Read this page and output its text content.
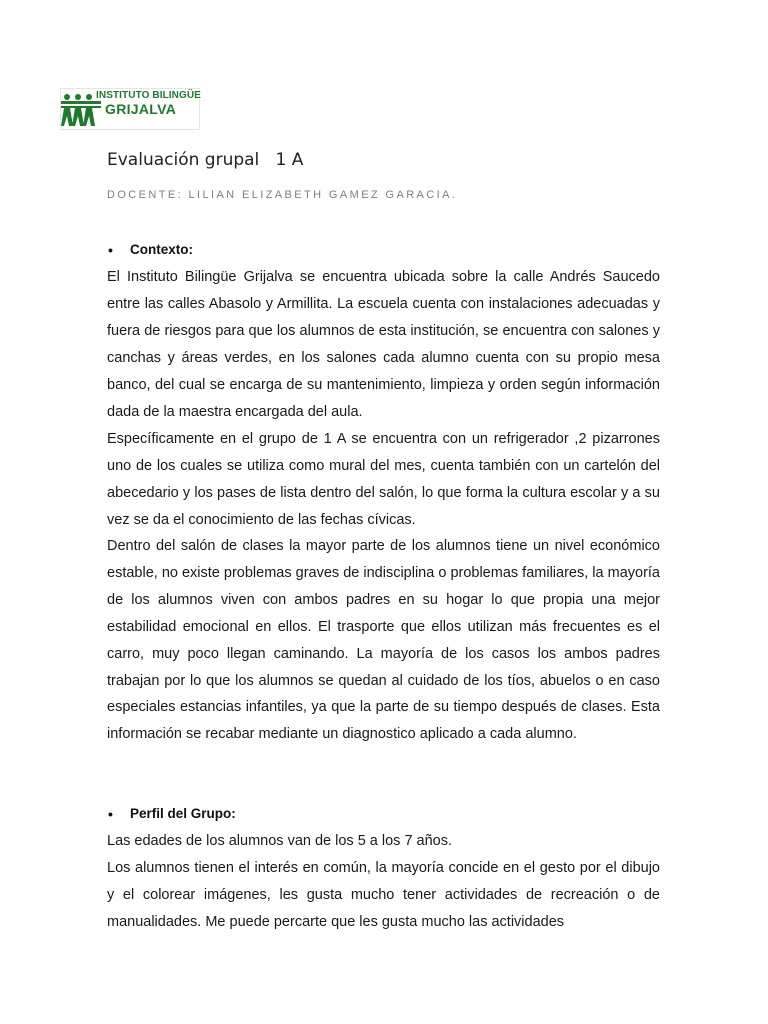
INSTITUTO BILINGÜE
GRIJALVA
Evaluación grupal   1 A
DOCENTE: LILIAN ELIZABETH GAMEZ GARACIA.
• Contexto:
El Instituto Bilingüe Grijalva se encuentra ubicada sobre la calle Andrés Saucedo entre las calles Abasolo y Armillita. La escuela cuenta con instalaciones adecuadas y fuera de riesgos para que los alumnos de esta institución, se encuentra con salones y canchas y áreas verdes, en los salones cada alumno cuenta con su propio mesa banco, del cual se encarga de su mantenimiento, limpieza y orden según información dada de la maestra encargada del aula.
Específicamente en el grupo de 1 A se encuentra con un refrigerador ,2 pizarrones uno de los cuales se utiliza como mural del mes, cuenta también con un cartelón del abecedario y los pases de lista dentro del salón, lo que forma la cultura escolar y a su vez se da el conocimiento de las fechas cívicas.
Dentro del salón de clases la mayor parte de los alumnos tiene un nivel económico estable, no existe problemas graves de indisciplina o problemas familiares, la mayoría de los alumnos viven con ambos padres en su hogar lo que propia una mejor estabilidad emocional en ellos. El trasporte que ellos utilizan más frecuentes es el carro, muy poco llegan caminando. La mayoría de los casos los ambos padres trabajan por lo que los alumnos se quedan al cuidado de los tíos, abuelos o en caso especiales estancias infantiles, ya que la parte de su tiempo después de clases. Esta información se recabar mediante un diagnostico aplicado a cada alumno.
• Perfil del Grupo:
Las edades de los alumnos van de los 5 a los 7 años.
Los alumnos tienen el interés en común, la mayoría concide en el gesto por el dibujo y el colorear imágenes, les gusta mucho tener actividades de recreación o de manualidades. Me puede percarte que les gusta mucho las actividades
